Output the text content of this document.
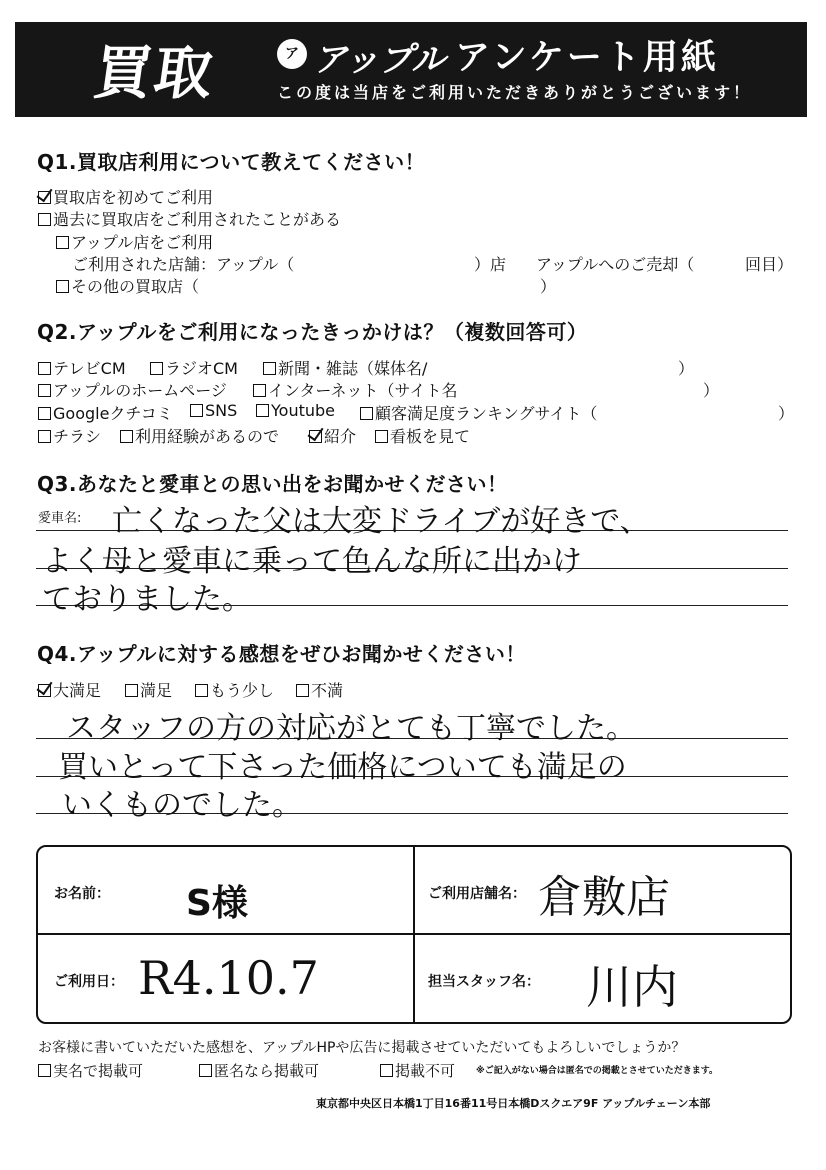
買取	ア アップル アンケート用紙
この度は当店をご利用いただきありがとうございます！
Q1.買取店利用について教えてください！
買取店を初めてご利用
過去に買取店をご利用されたことがある
アップル店をご利用
ご利用された店舗：アップル（	）店 アップルへのご売却（	回目）
その他の買取店（	）
Q2.アップルをご利用になったきっかけは？（複数回答可）
テレビCM	ラジオCM	新聞・雑誌（媒体名/	）
アップルのホームページ	インターネット（サイト名	）
Googleクチコミ	SNS	Youtube	顧客満足度ランキングサイト（	）
チラシ	利用経験があるので	紹介	看板を見て
Q3.あなたと愛車との思い出をお聞かせください！
愛車名: 亡くなった父は大変ドライブが好きで、
よく母と愛車に乗って色んな所に出かけ
ておりました。
Q4.アップルに対する感想をぜひお聞かせください！
大満足	満足	もう少し	不満
スタッフの方の対応がとても丁寧でした。
買いとって下さった価格についても満足の
いくものでした。
お名前： S様	ご利用店舗名： 倉敷店
ご利用日： R4.10.7	担当スタッフ名： 川内
お客様に書いていただいた感想を、アップルHPや広告に掲載させていただいてもよろしいでしょうか？
実名で掲載可	匿名なら掲載可	掲載不可 ※ご記入がない場合は匿名での掲載とさせていただきます。
東京都中央区日本橋1丁目16番11号日本橋Dスクエア9F アップルチェーン本部
